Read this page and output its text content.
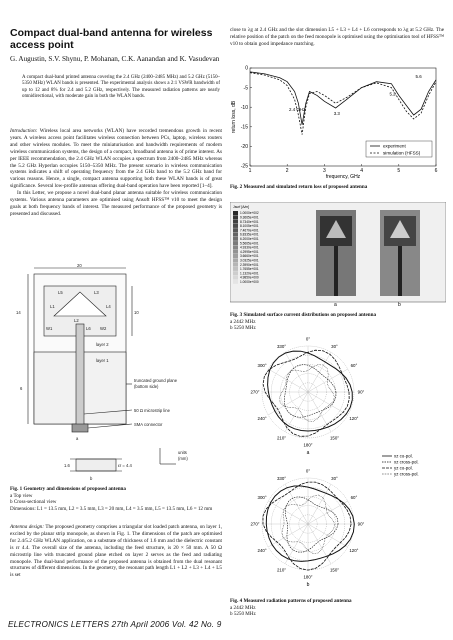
Compact dual-band antenna for wireless access point
G. Augustin, S.V. Shynu, P. Mohanan, C.K. Aanandan and K. Vasudevan
A compact dual-band printed antenna covering the 2.4 GHz (2400–2485 MHz) and 5.2 GHz (5150–5350 MHz) WLAN bands is presented. The experimental analysis shows a 2:1 VSWR bandwidth of up to 12 and 8% for 2.4 and 5.2 GHz, respectively. The measured radiation patterns are nearly omnidirectional, with moderate gain in both the WLAN bands.

Introduction: Wireless local area networks (WLAN) have recorded tremendous growth in recent years. A wireless access point facilitates wireless connection between PCs, laptop, wireless routers and other wireless modules. To meet the miniaturisation and bandwidth requirements of modern wireless communication systems, the design of a compact, broadband antenna is of prime interest. As per IEEE recommendation, the 2.4 GHz WLAN occupies a spectrum from 2400–2485 MHz whereas the 5.2 GHz Hyperlan occupies 5150–5350 MHz. The present scenario in wireless communication systems indicates a shift of operating frequency from the 2.4 GHz band to the 5.2 GHz band for various reasons. Hence, a single, compact antenna supporting both these WLAN bands is of great significance. Several low-profile antennas offering dual-band operation have been reported [1–4].

In this Letter, we propose a novel dual-band planar antenna suitable for wireless communication systems. Various antenna parameters are optimised using Ansoft HFSS™ v10 to meet the design goals at both frequency bands of interest. The measured performance of the proposed geometry is presented and discussed.

20
14
6
10
L5	L3
L1	L4
L2
L6
W1	W2
layer 2
layer 1
truncated ground plane
(bottom side)
50 Ω microstrip line
SMA connector
a
εr = 4.4
1.6
b
units
(mm)
Fig. 1 Geometry and dimensions of proposed antenna
a Top view
b Cross-sectional view
Dimensions: L1 = 13.5 mm, L2 = 3.5 mm, L3 = 20 mm, L4 = 3.5 mm, L5 = 13.5 mm, L6 = 12 mm

Antenna design: The proposed geometry comprises a triangular slot loaded patch antenna, on layer 1, excited by the planar strip monopole, as shown in Fig. 1. The dimensions of the patch are optimised for 2.4/5.2 GHz WLAN application, on a substrate of thickness of 1.6 mm and the dielectric constant is εr 4.4. The overall size of the antenna, including the feed structure, is 20 × 50 mm. A 50 Ω microstrip line with truncated ground plane etched on layer 2 serves as the feed and radiating monopole. The dual-band performance of the proposed antenna is obtained from the dual resonant structures of different dimensions. In the geometry, the resonant path length L1 + L2 + L3 + L4 + L5 is set

close to λg at 2.4 GHz and the slot dimension L5 + L3 + L4 + L6 corresponds to λg at 5.2 GHz. The relative position of the patch on the feed monopole is optimised using the optimisation tool of HFSS™ v10 to obtain good impedance matching.
1	2	3	4	5	6
0
-5
-10
-15
-20
-25
frequency, GHz
return loss, dB
experiment
simulation (HFSS)
2.4 GHz
3.3
5.2
5.6
Fig. 2 Measured and simulated return loss of proposed antenna
1.0000e+002
9.3665e+001
8.7340e+001
8.1005e+001
7.4670e+001
6.8335e+001
6.2000e+001
5.5665e+001
4.9330e+001
4.2995e+001
3.6660e+001
3.0325e+001
2.3990e+001
1.7655e+001
1.1320e+001
4.9850e+000
1.0000e+000
a	b
Jsurf [A/m]
Fig. 3 Simulated surface current distributions on proposed antenna
a 2442 MHz
b 5250 MHz
0°
30°
60°
90°
120°
150°
180°
210°
240°
270°
300°
330°
a
0°
30°
60°
90°
120°
150°
180°
210°
240°
270°
300°
330°
b
xz co-pol.
xz cross-pol.
yz co-pol.
yz cross-pol.
Fig. 4 Measured radiation patterns of proposed antenna
a 2442 MHz
b 5250 MHz
ELECTRONICS LETTERS 27th April 2006 Vol. 42 No. 9
